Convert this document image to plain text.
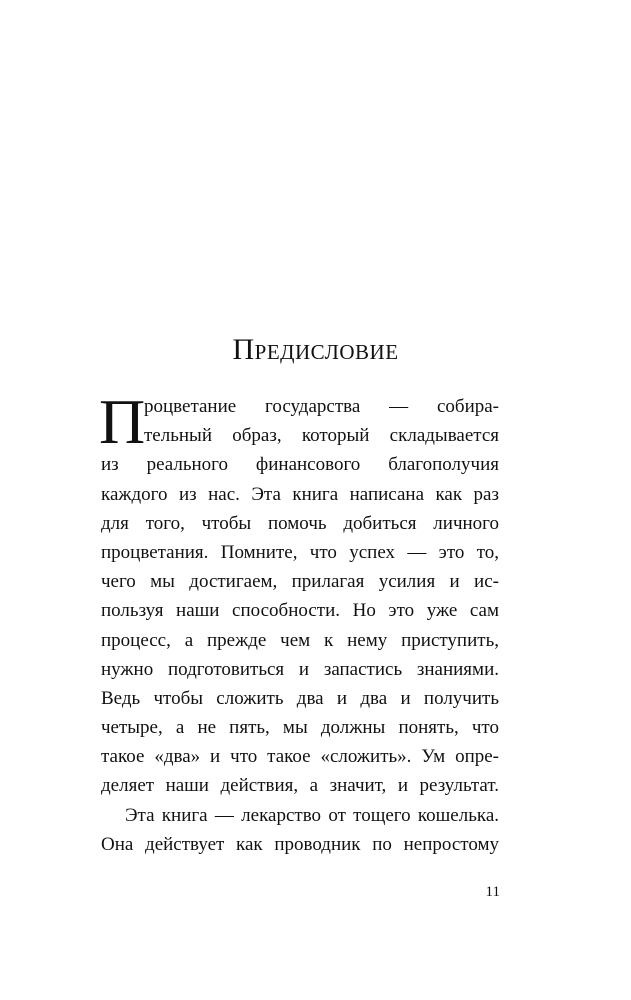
Предисловие
П
роцветание государства — собира-
тельный образ, который складывается
из реального финансового благополучия
каждого из нас. Эта книга написана как раз
для того, чтобы помочь добиться личного
процветания. Помните, что успех — это то,
чего мы достигаем, прилагая усилия и ис-
пользуя наши способности. Но это уже сам
процесс, а прежде чем к нему приступить,
нужно подготовиться и запастись знаниями.
Ведь чтобы сложить два и два и получить
четыре, а не пять, мы должны понять, что
такое «два» и что такое «сложить». Ум опре-
деляет наши действия, а значит, и результат.
Эта книга — лекарство от тощего кошелька.
Она действует как проводник по непростому
11
